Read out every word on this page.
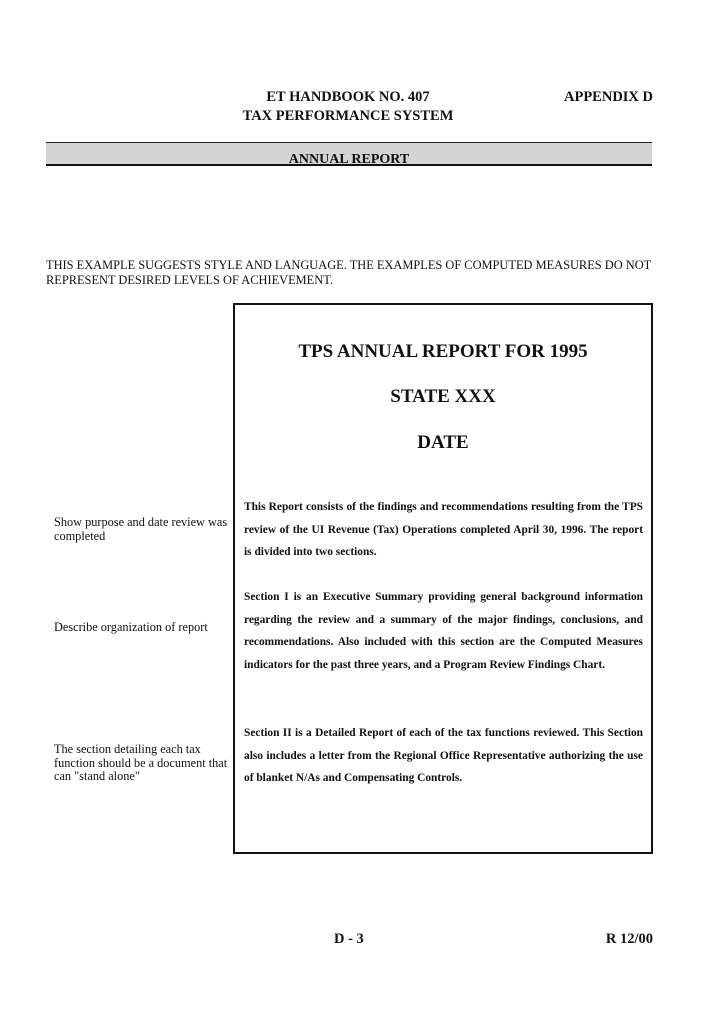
ET HANDBOOK NO. 407
TAX PERFORMANCE SYSTEM
APPENDIX D
ANNUAL REPORT
THIS EXAMPLE SUGGESTS STYLE AND LANGUAGE. THE EXAMPLES OF COMPUTED MEASURES DO NOT REPRESENT DESIRED LEVELS OF ACHIEVEMENT.
Show purpose and date review was completed
Describe organization of report
The section detailing each tax function should be a document that can "stand alone"
TPS ANNUAL REPORT FOR 1995
STATE XXX
DATE
This Report consists of the findings and recommendations resulting from the TPS review of the UI Revenue (Tax) Operations completed April 30, 1996. The report is divided into two sections.
Section I is an Executive Summary providing general background information regarding the review and a summary of the major findings, conclusions, and recommendations. Also included with this section are the Computed Measures indicators for the past three years, and a Program Review Findings Chart.
Section II is a Detailed Report of each of the tax functions reviewed. This Section also includes a letter from the Regional Office Representative authorizing the use of blanket N/As and Compensating Controls.
D - 3	R 12/00
